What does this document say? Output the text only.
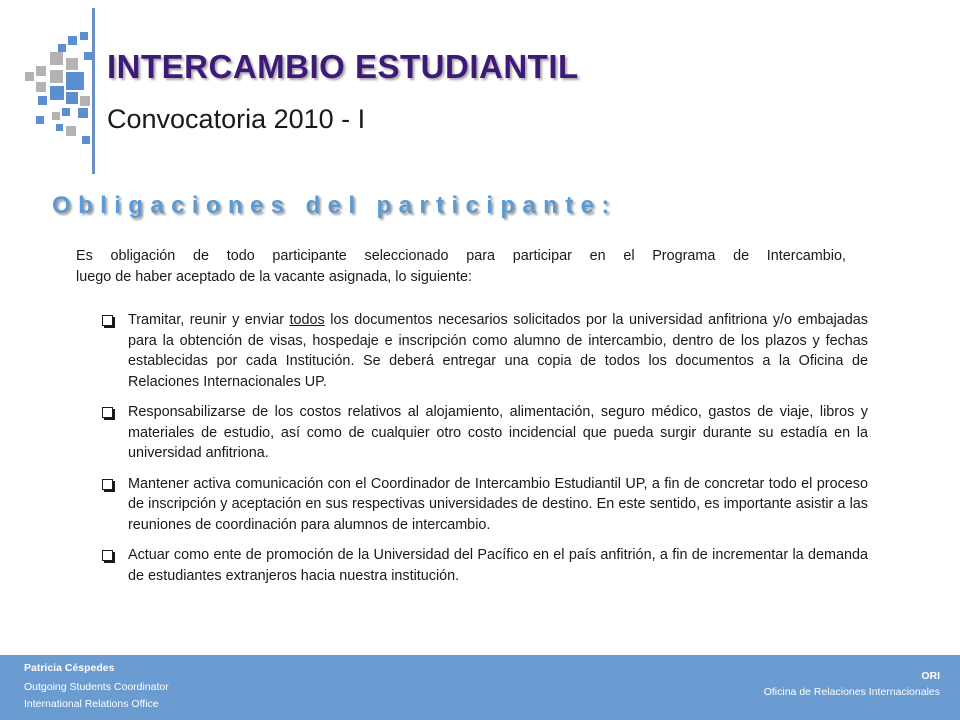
INTERCAMBIO ESTUDIANTIL
Convocatoria 2010 - I
Obligaciones del participante:
Es obligación de todo participante seleccionado para participar en el Programa de Intercambio,
luego de haber aceptado de la vacante asignada, lo siguiente:
Tramitar, reunir y enviar todos los documentos necesarios solicitados por la universidad anfitriona y/o embajadas para la obtención de visas, hospedaje e inscripción como alumno de intercambio, dentro de los plazos y fechas establecidas por cada Institución. Se deberá entregar una copia de todos los documentos a la Oficina de Relaciones Internacionales UP.
Responsabilizarse de los costos relativos al alojamiento, alimentación, seguro médico, gastos de viaje, libros y materiales de estudio, así como de cualquier otro costo incidencial que pueda surgir durante su estadía en la universidad anfitriona.
Mantener activa comunicación con el Coordinador de Intercambio Estudiantil UP, a fin de concretar todo el proceso de inscripción y aceptación en sus respectivas universidades de destino. En este sentido, es importante asistir a las reuniones de coordinación para alumnos de intercambio.
Actuar como ente de promoción de la Universidad del Pacífico en el país anfitrión, a fin de incrementar la demanda de estudiantes extranjeros hacia nuestra institución.
Patricia Céspedes
Outgoing Students Coordinator
International Relations Office
ORI
Oficina de Relaciones Internacionales
